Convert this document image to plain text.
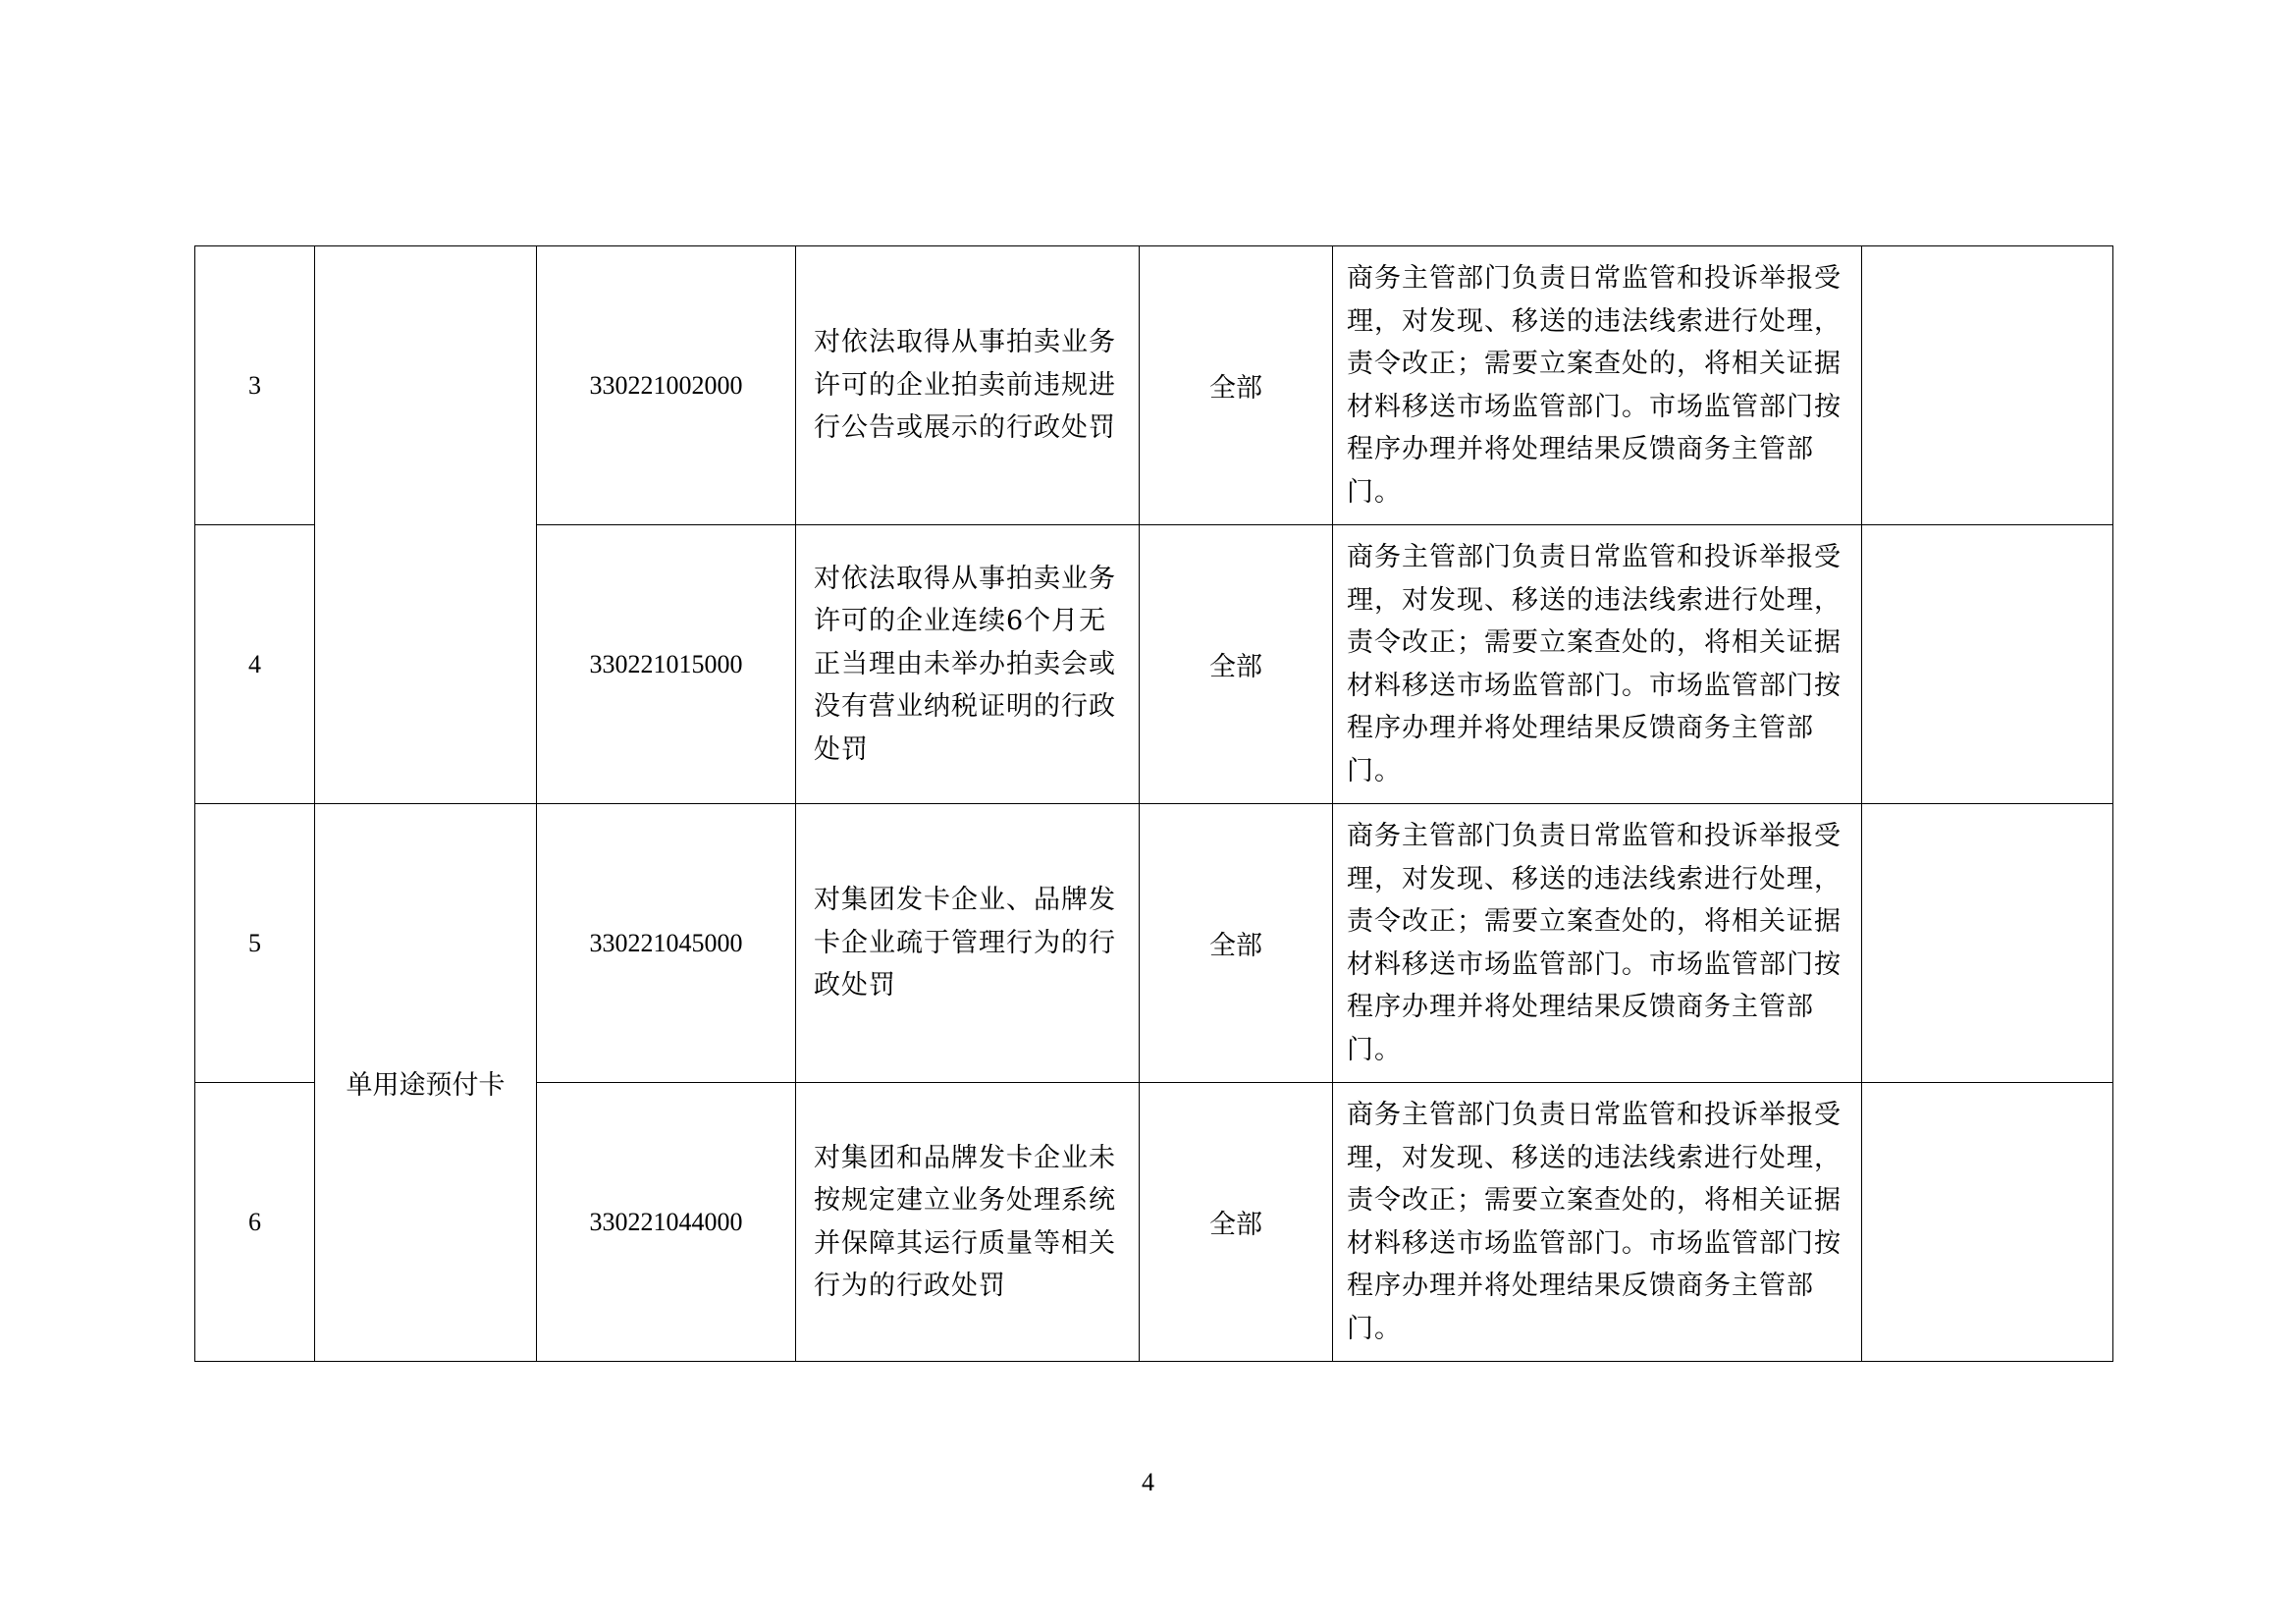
3		330221002000	对依法取得从事拍卖业务许可的企业拍卖前违规进行公告或展示的行政处罚	全部	商务主管部门负责日常监管和投诉举报受理，对发现、移送的违法线索进行处理，责令改正；需要立案查处的，将相关证据材料移送市场监管部门。市场监管部门按程序办理并将处理结果反馈商务主管部门。	
4		330221015000	对依法取得从事拍卖业务许可的企业连续6个月无正当理由未举办拍卖会或没有营业纳税证明的行政处罚	全部	商务主管部门负责日常监管和投诉举报受理，对发现、移送的违法线索进行处理，责令改正；需要立案查处的，将相关证据材料移送市场监管部门。市场监管部门按程序办理并将处理结果反馈商务主管部门。	
5	单用途预付卡	330221045000	对集团发卡企业、品牌发卡企业疏于管理行为的行政处罚	全部	商务主管部门负责日常监管和投诉举报受理，对发现、移送的违法线索进行处理，责令改正；需要立案查处的，将相关证据材料移送市场监管部门。市场监管部门按程序办理并将处理结果反馈商务主管部门。	
6		330221044000	对集团和品牌发卡企业未按规定建立业务处理系统并保障其运行质量等相关行为的行政处罚	全部	商务主管部门负责日常监管和投诉举报受理，对发现、移送的违法线索进行处理，责令改正；需要立案查处的，将相关证据材料移送市场监管部门。市场监管部门按程序办理并将处理结果反馈商务主管部门。	
4
